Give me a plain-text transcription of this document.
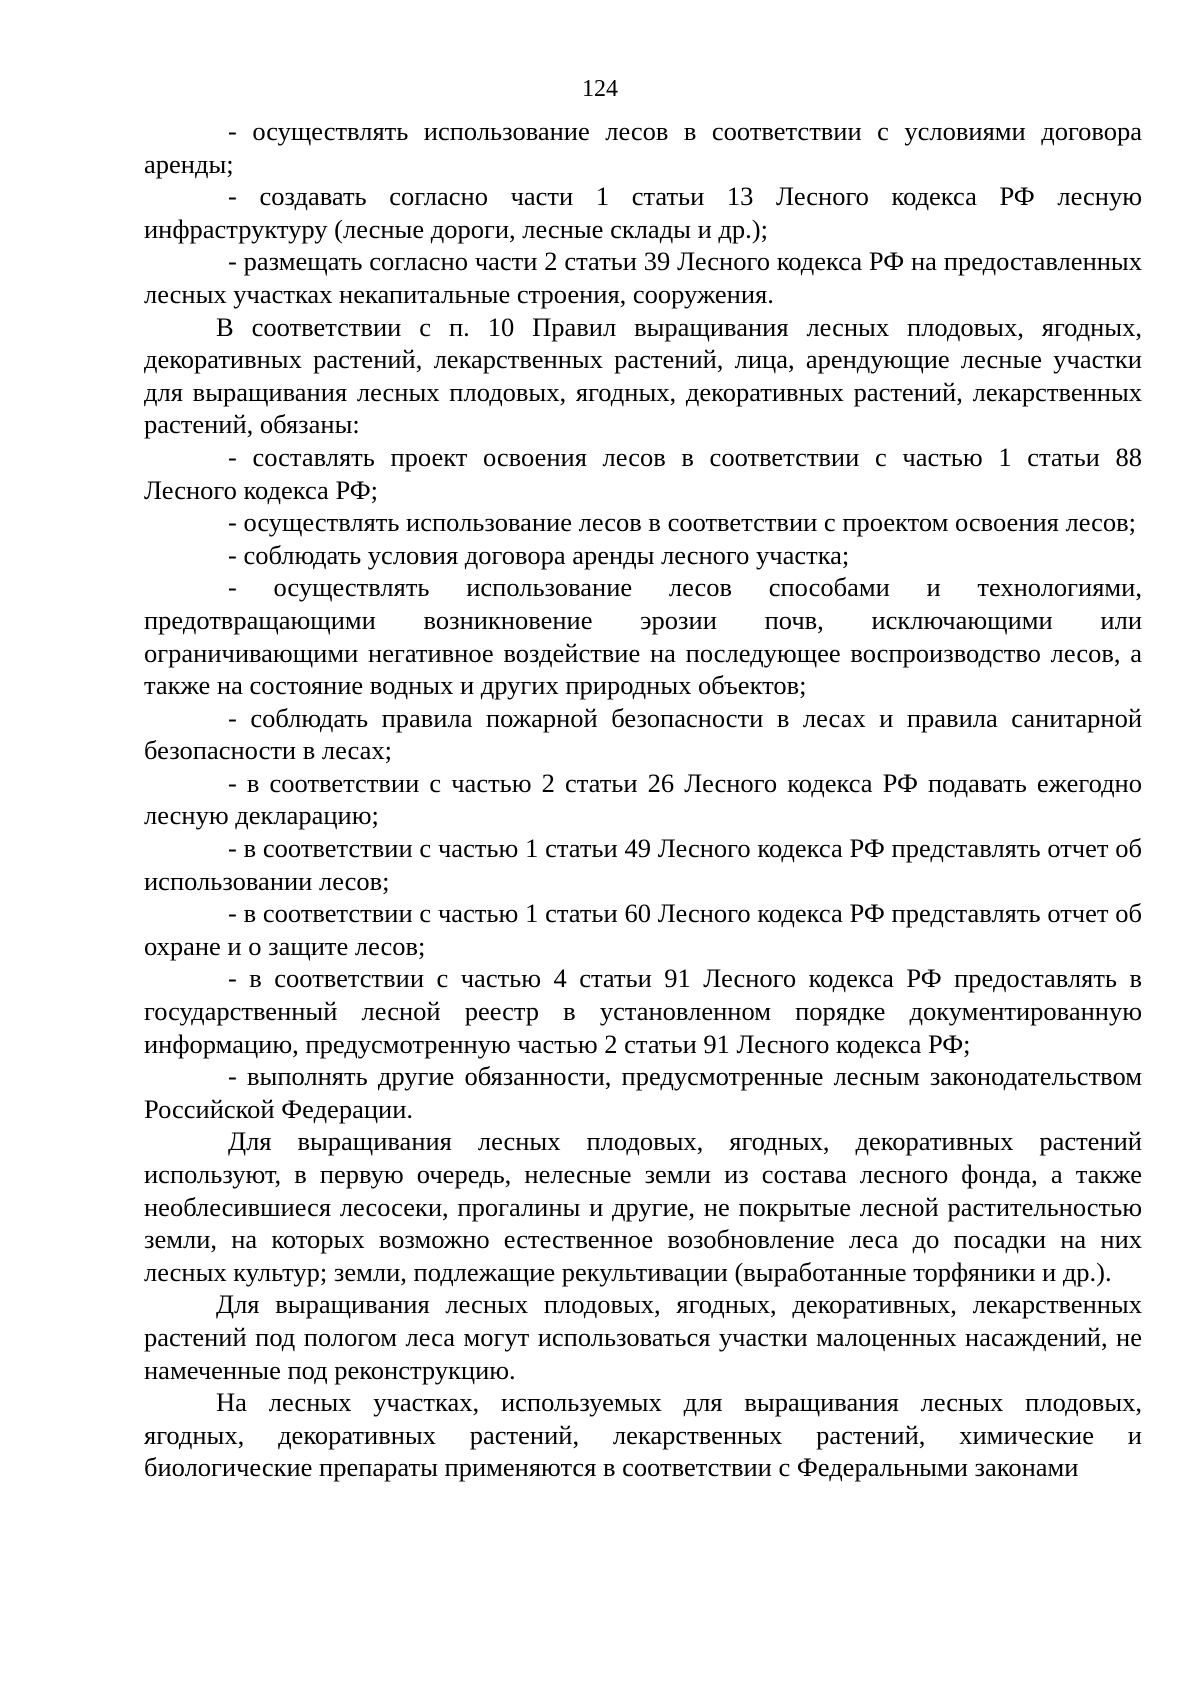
124

- осуществлять использование лесов в соответствии с условиями договора аренды;

- создавать согласно части 1 статьи 13 Лесного кодекса РФ лесную инфраструктуру (лесные дороги, лесные склады и др.);

- размещать согласно части 2 статьи 39 Лесного кодекса РФ на предоставленных лесных участках некапитальные строения, сооружения.

В соответствии с п. 10 Правил выращивания лесных плодовых, ягодных, декоративных растений, лекарственных растений, лица, арендующие лесные участки для выращивания лесных плодовых, ягодных, декоративных растений, лекарственных растений, обязаны:

- составлять проект освоения лесов в соответствии с частью 1 статьи 88 Лесного кодекса РФ;

- осуществлять использование лесов в соответствии с проектом освоения лесов;

- соблюдать условия договора аренды лесного участка;

- осуществлять использование лесов способами и технологиями, предотвращающими возникновение эрозии почв, исключающими или ограничивающими негативное воздействие на последующее воспроизводство лесов, а также на состояние водных и других природных объектов;

- соблюдать правила пожарной безопасности в лесах и правила санитарной безопасности в лесах;

- в соответствии с частью 2 статьи 26 Лесного кодекса РФ подавать ежегодно лесную декларацию;

- в соответствии с частью 1 статьи 49 Лесного кодекса РФ представлять отчет об использовании лесов;

- в соответствии с частью 1 статьи 60 Лесного кодекса РФ представлять отчет об охране и о защите лесов;

- в соответствии с частью 4 статьи 91 Лесного кодекса РФ предоставлять в государственный лесной реестр в установленном порядке документированную информацию, предусмотренную частью 2 статьи 91 Лесного кодекса РФ;

- выполнять другие обязанности, предусмотренные лесным законодательством Российской Федерации.

Для выращивания лесных плодовых, ягодных, декоративных растений используют, в первую очередь, нелесные земли из состава лесного фонда, а также необлесившиеся лесосеки, прогалины и другие, не покрытые лесной растительностью земли, на которых возможно естественное возобновление леса до посадки на них лесных культур; земли, подлежащие рекультивации (выработанные торфяники и др.).

Для выращивания лесных плодовых, ягодных, декоративных, лекарственных растений под пологом леса могут использоваться участки малоценных насаждений, не намеченные под реконструкцию.

На лесных участках, используемых для выращивания лесных плодовых, ягодных, декоративных растений, лекарственных растений, химические и биологические препараты применяются в соответствии с Федеральными законами
